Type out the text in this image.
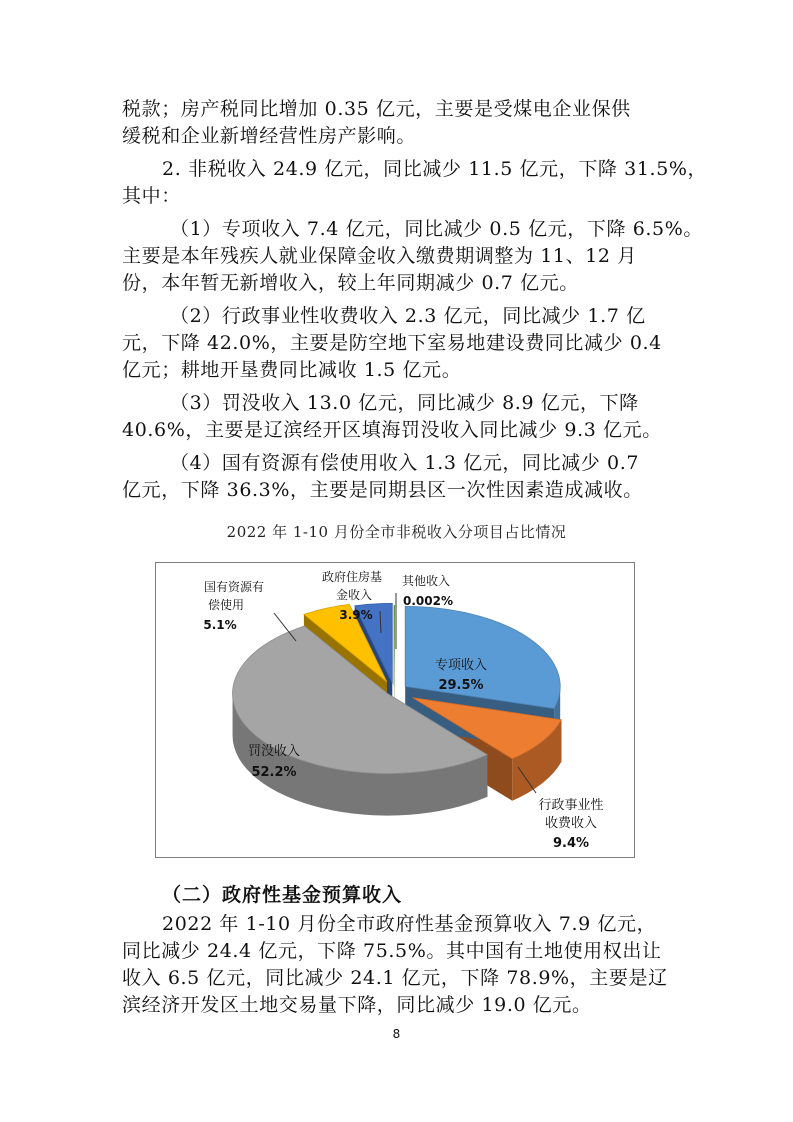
税款；房产税同比增加 0.35 亿元，主要是受煤电企业保供
缓税和企业新增经营性房产影响。
2. 非税收入 24.9 亿元，同比减少 11.5 亿元，下降 31.5%，
其中：
（1）专项收入 7.4 亿元，同比减少 0.5 亿元，下降 6.5%。
主要是本年残疾人就业保障金收入缴费期调整为 11、12 月
份，本年暂无新增收入，较上年同期减少 0.7 亿元。
（2）行政事业性收费收入 2.3 亿元，同比减少 1.7 亿
元，下降 42.0%，主要是防空地下室易地建设费同比减少 0.4
亿元；耕地开垦费同比减收 1.5 亿元。
（3）罚没收入 13.0 亿元，同比减少 8.9 亿元，下降
40.6%，主要是辽滨经开区填海罚没收入同比减少 9.3 亿元。
（4）国有资源有偿使用收入 1.3 亿元，同比减少 0.7
亿元，下降 36.3%，主要是同期县区一次性因素造成减收。
2022 年 1-10 月份全市非税收入分项目占比情况
国有资源有
偿使用
5.1%
政府住房基
金收入
3.9%
其他收入
0.002%
专项收入
29.5%
罚没收入
52.2%
行政事业性
收费收入
9.4%
（二）政府性基金预算收入
2022 年 1-10 月份全市政府性基金预算收入 7.9 亿元，
同比减少 24.4 亿元，下降 75.5%。其中国有土地使用权出让
收入 6.5 亿元，同比减少 24.1 亿元，下降 78.9%，主要是辽
滨经济开发区土地交易量下降，同比减少 19.0 亿元。
8
